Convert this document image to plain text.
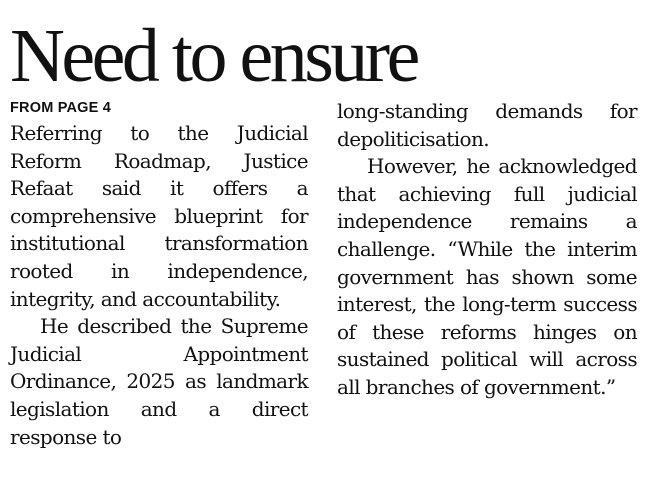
Need to ensure
FROM PAGE 4

Referring to the Judicial Reform Roadmap, Justice Refaat said it offers a comprehensive blueprint for institutional transformation rooted in independence, integrity, and accountability.

He described the Supreme Judicial Appointment Ordinance, 2025 as landmark legislation and a direct response to

long-standing demands for depoliticisation.

However, he acknowledged that achieving full judicial independence remains a challenge. “While the interim government has shown some interest, the long-term success of these reforms hinges on sustained political will across all branches of government.”
